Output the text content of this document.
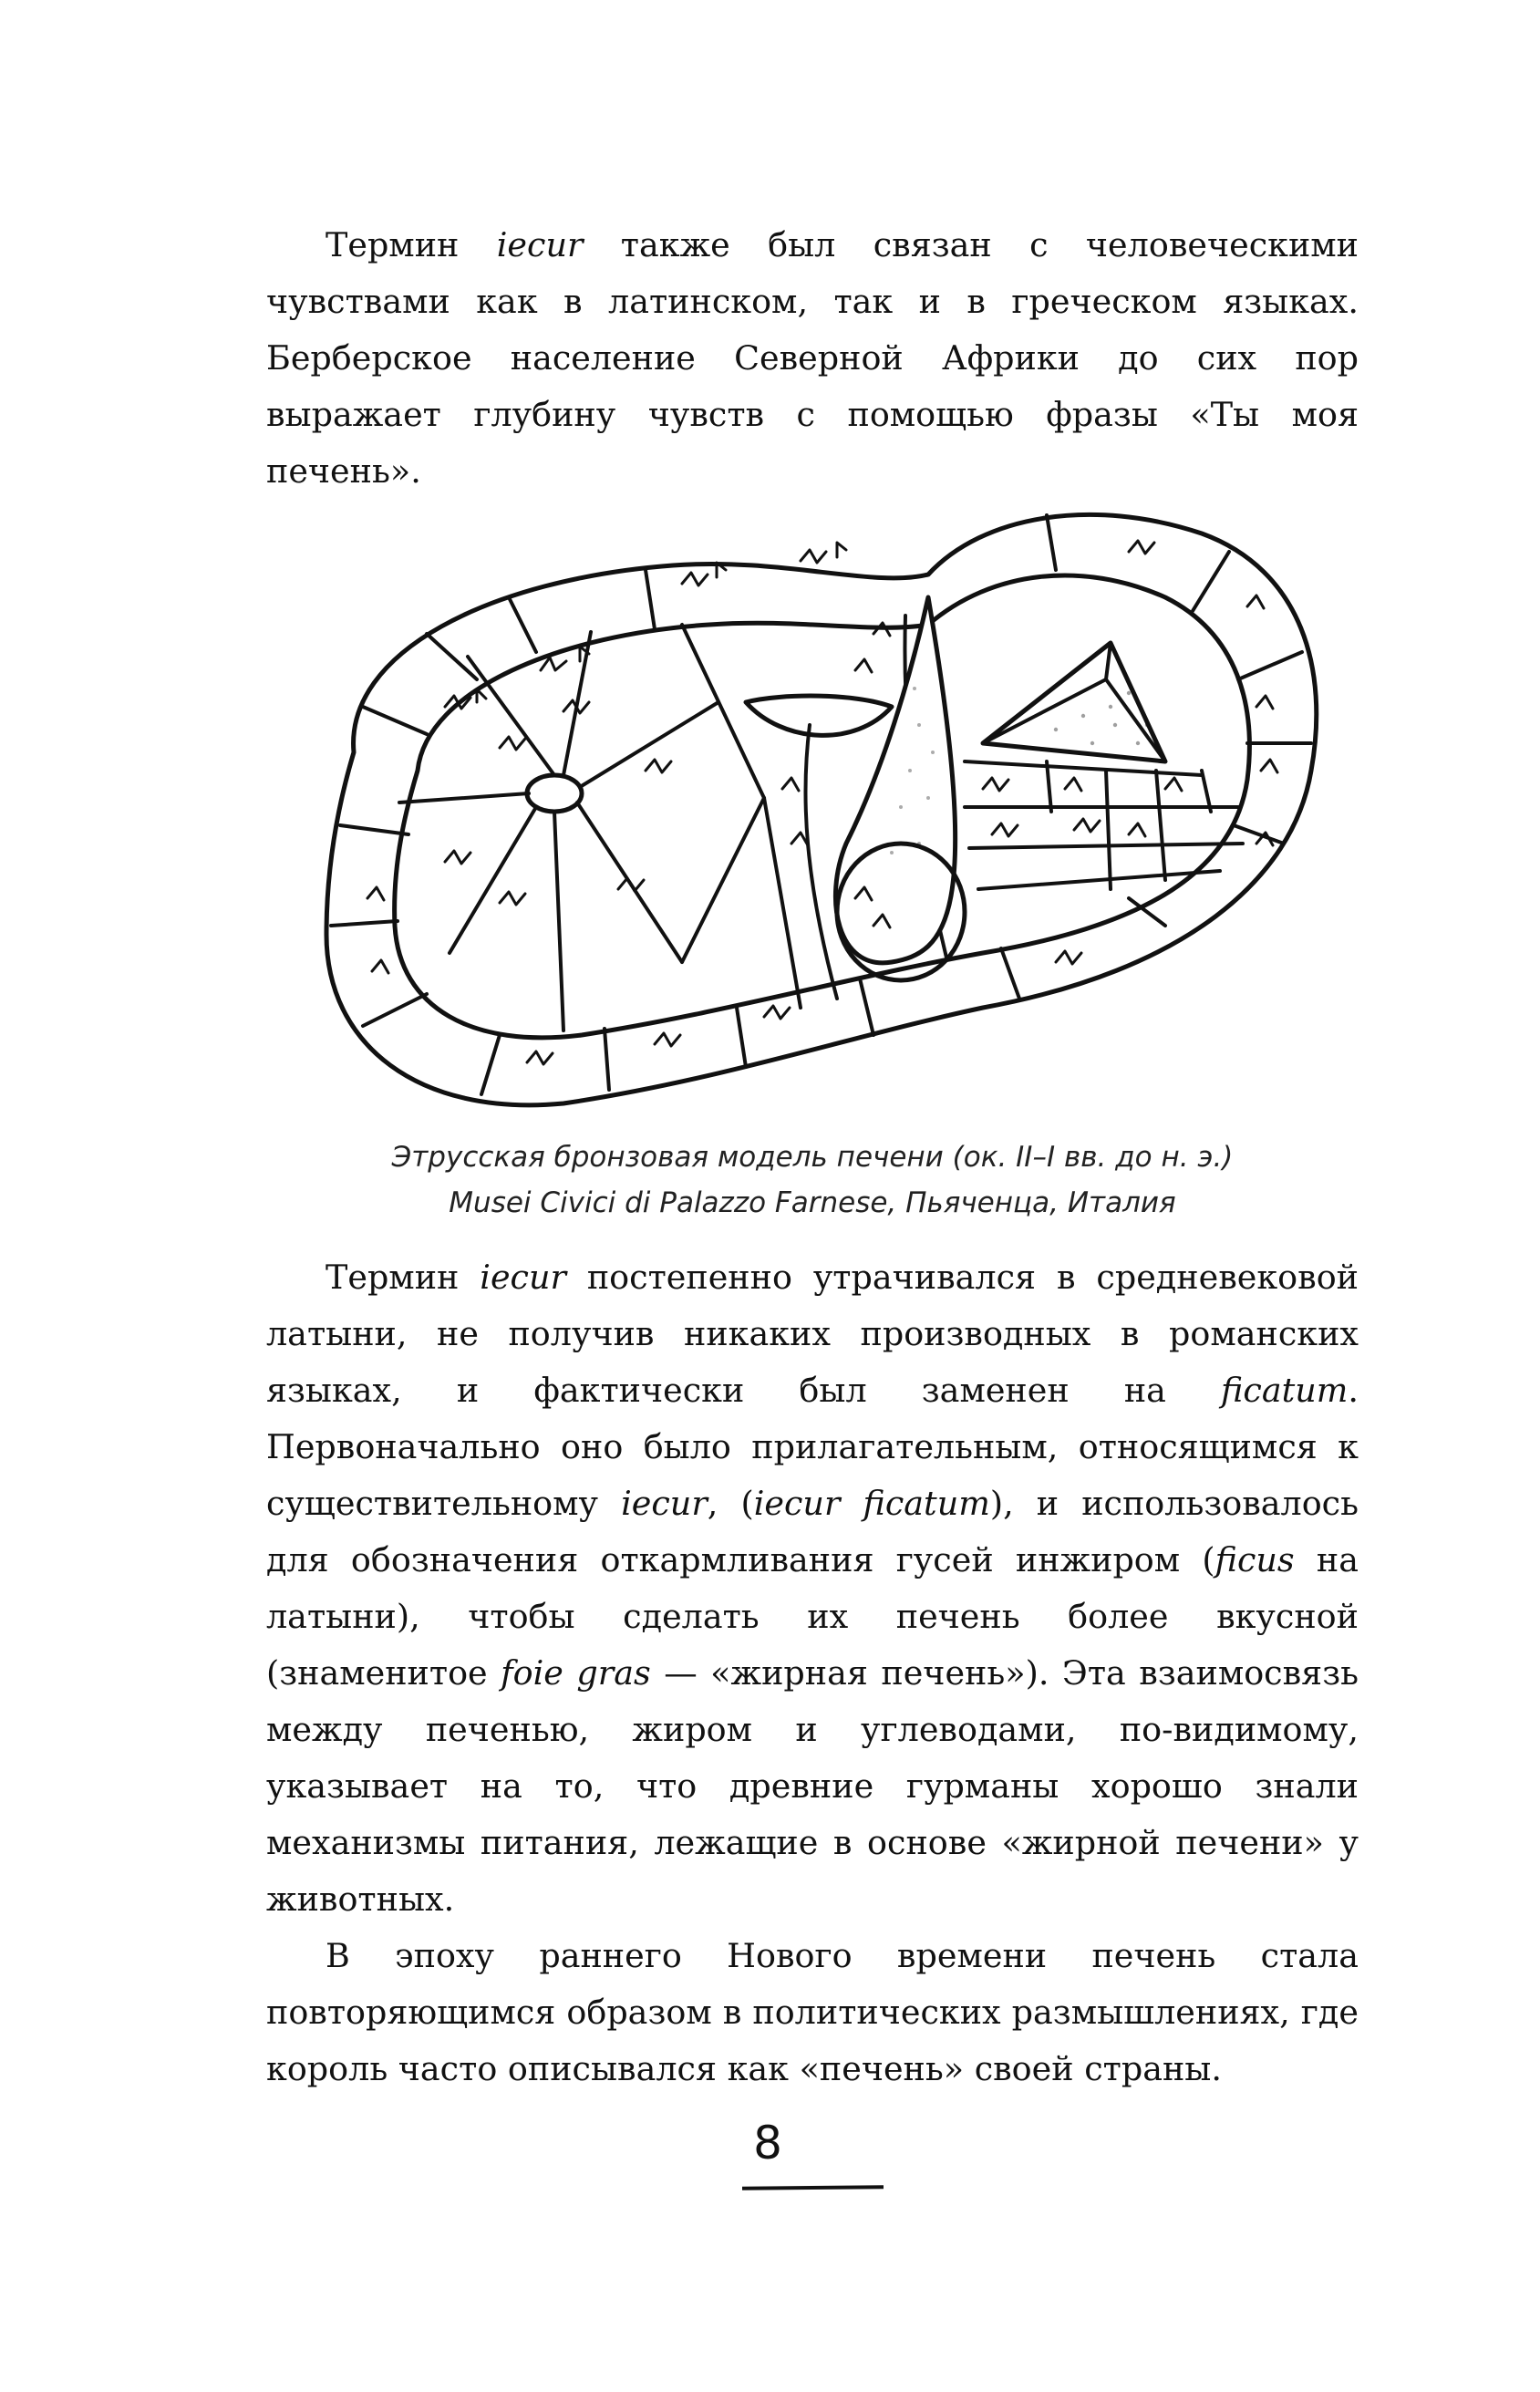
Термин iecur также был связан с человеческими чувствами как в латинском, так и в греческом языках. Берберское население Северной Африки до сих пор выражает глубину чувств с помощью фразы «Ты моя печень».

Этрусская бронзовая модель печени (ок. II–I вв. до н. э.)
Musei Civici di Palazzo Farnese, Пьяченца, Италия

Термин iecur постепенно утрачивался в средневековой латыни, не получив никаких производных в романских языках, и фактически был заменен на ficatum. Первоначально оно было прилагательным, относящимся к существительному iecur, (iecur ficatum), и использовалось для обозначения откармливания гусей инжиром (ficus на латыни), чтобы сделать их печень более вкусной (знаменитое foie gras — «жирная печень»). Эта взаимосвязь между печенью, жиром и углеводами, по-видимому, указывает на то, что древние гурманы хорошо знали механизмы питания, лежащие в основе «жирной печени» у животных.

В эпоху раннего Нового времени печень стала повторяющимся образом в политических размышлениях, где король часто описывался как «печень» своей страны.

8
